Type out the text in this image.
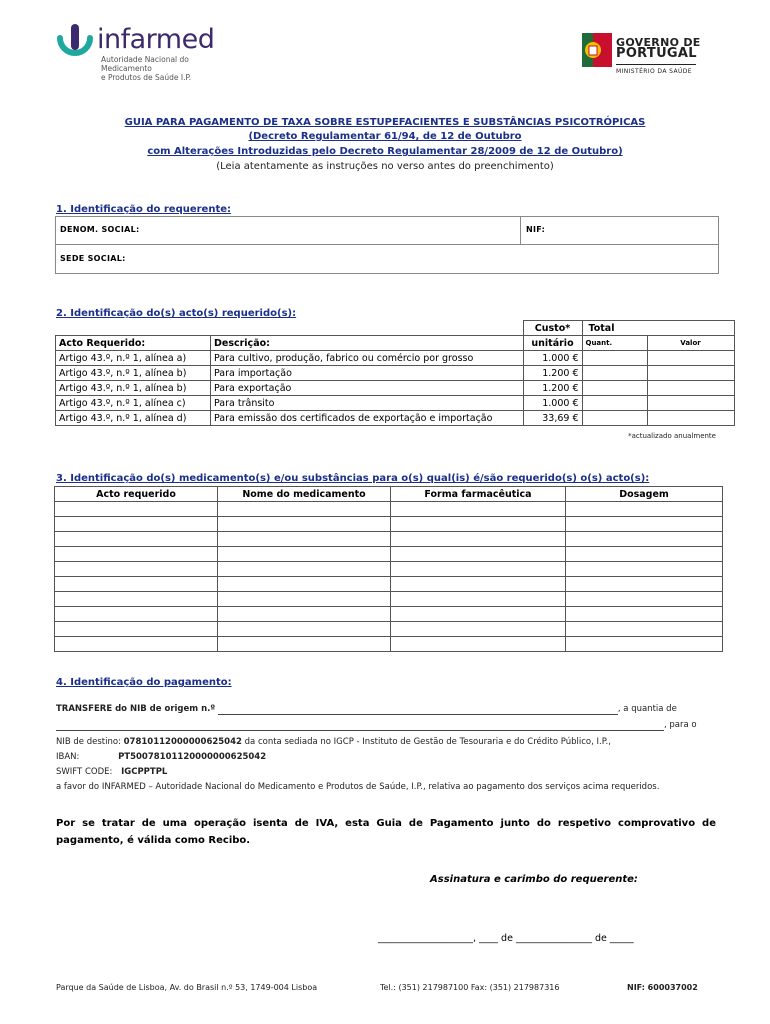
infarmed
Autoridade Nacional do Medicamento
e Produtos de Saúde I.P.
GOVERNO DE
PORTUGAL
MINISTÉRIO DA SAÚDE
GUIA PARA PAGAMENTO DE TAXA SOBRE ESTUPEFACIENTES E SUBSTÂNCIAS PSICOTRÓPICAS
(Decreto Regulamentar 61/94, de 12 de Outubro
com Alterações Introduzidas pelo Decreto Regulamentar 28/2009 de 12 de Outubro)
(Leia atentamente as instruções no verso antes do preenchimento)
1. Identificação do requerente:
DENOM. SOCIAL:	NIF:
SEDE SOCIAL:
2. Identificação do(s) acto(s) requerido(s):
		Custo*	Total	
Acto Requerido:	Descrição:	unitário	Quant.	Valor
Artigo 43.º, n.º 1, alínea a)	Para cultivo, produção, fabrico ou comércio por grosso	1.000 €		
Artigo 43.º, n.º 1, alínea b)	Para importação	1.200 €		
Artigo 43.º, n.º 1, alínea b)	Para exportação	1.200 €		
Artigo 43.º, n.º 1, alínea c)	Para trânsito	1.000 €		
Artigo 43.º, n.º 1, alínea d)	Para emissão dos certificados de exportação e importação	33,69 €		
*actualizado anualmente
3. Identificação do(s) medicamento(s) e/ou substâncias para o(s) qual(is) é/são requerido(s) o(s) acto(s):
Acto requerido	Nome do medicamento	Forma farmacêutica	Dosagem

4. Identificação do pagamento:
TRANSFERE do NIB de origem n.º	, a quantia de
, para o
NIB de destino: 07810112000000625042 da conta sediada no IGCP - Instituto de Gestão de Tesouraria e do Crédito Público, I.P.,
IBAN:	PT50078101120000000625042
SWIFT CODE: IGCPPTPL
a favor do INFARMED – Autoridade Nacional do Medicamento e Produtos de Saúde, I.P., relativa ao pagamento dos serviços acima requeridos.
Por se tratar de uma operação isenta de IVA, esta Guia de Pagamento junto do respetivo comprovativo de pagamento, é válida como Recibo.
Assinatura e carimbo do requerente:
____________________, ____ de ________________ de _____
Parque da Saúde de Lisboa, Av. do Brasil n.º 53, 1749-004 Lisboa	Tel.: (351) 217987100 Fax: (351) 217987316	NIF: 600037002
